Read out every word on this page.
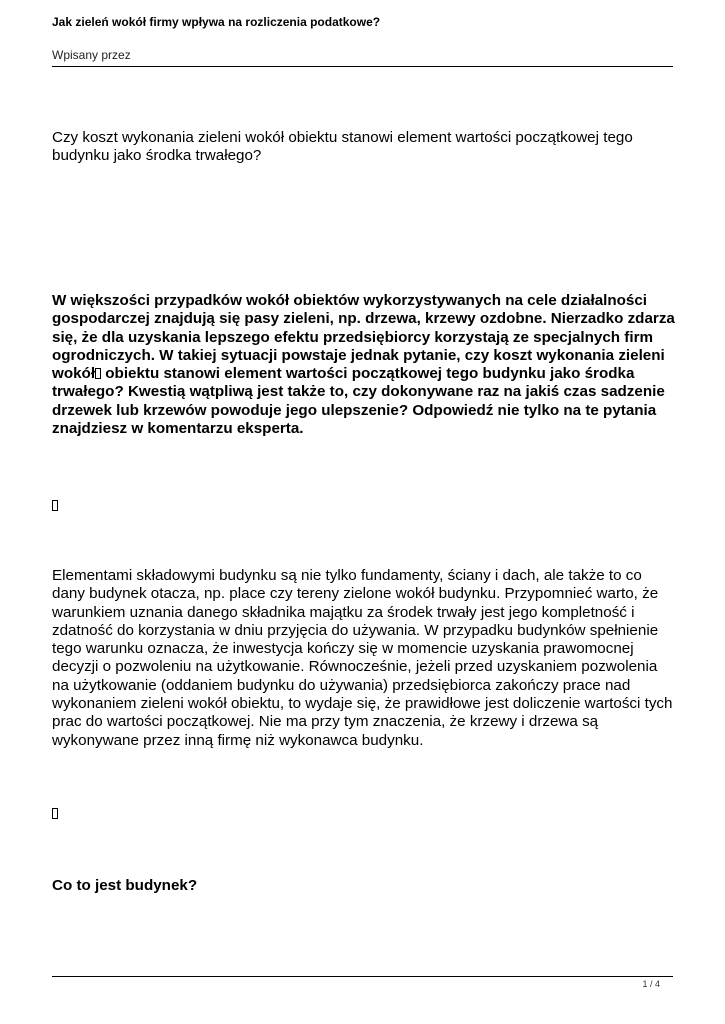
Jak zieleń wokół firmy wpływa na rozliczenia podatkowe?
Wpisany przez

Czy koszt wykonania zieleni wokół obiektu stanowi element wartości początkowej tego budynku jako środka trwałego?

W większości przypadków wokół obiektów wykorzystywanych na cele działalności gospodarczej znajdują się pasy zieleni, np. drzewa, krzewy ozdobne. Nierzadko zdarza się, że dla uzyskania lepszego efektu przedsiębiorcy korzystają ze specjalnych firm ogrodniczych. W takiej sytuacji powstaje jednak pytanie, czy koszt wykonania zieleni wokół obiektu stanowi element wartości początkowej tego budynku jako środka trwałego? Kwestią wątpliwą jest także to, czy dokonywane raz na jakiś czas sadzenie drzewek lub krzewów powoduje jego ulepszenie? Odpowiedź nie tylko na te pytania znajdziesz w komentarzu eksperta.

Elementami składowymi budynku są nie tylko fundamenty, ściany i dach, ale także to co dany budynek otacza, np. place czy tereny zielone wokół budynku. Przypomnieć warto, że warunkiem uznania danego składnika majątku za środek trwały jest jego kompletność i zdatność do korzystania w dniu przyjęcia do używania. W przypadku budynków spełnienie tego warunku oznacza, że inwestycja kończy się w momencie uzyskania prawomocnej decyzji o pozwoleniu na użytkowanie. Równocześnie, jeżeli przed uzyskaniem pozwolenia na użytkowanie (oddaniem budynku do używania) przedsiębiorca zakończy prace nad wykonaniem zieleni wokół obiektu, to wydaje się, że prawidłowe jest doliczenie wartości tych prac do wartości początkowej. Nie ma przy tym znaczenia, że krzewy i drzewa są wykonywane przez inną firmę niż wykonawca budynku.

Co to jest budynek?

1 / 4
